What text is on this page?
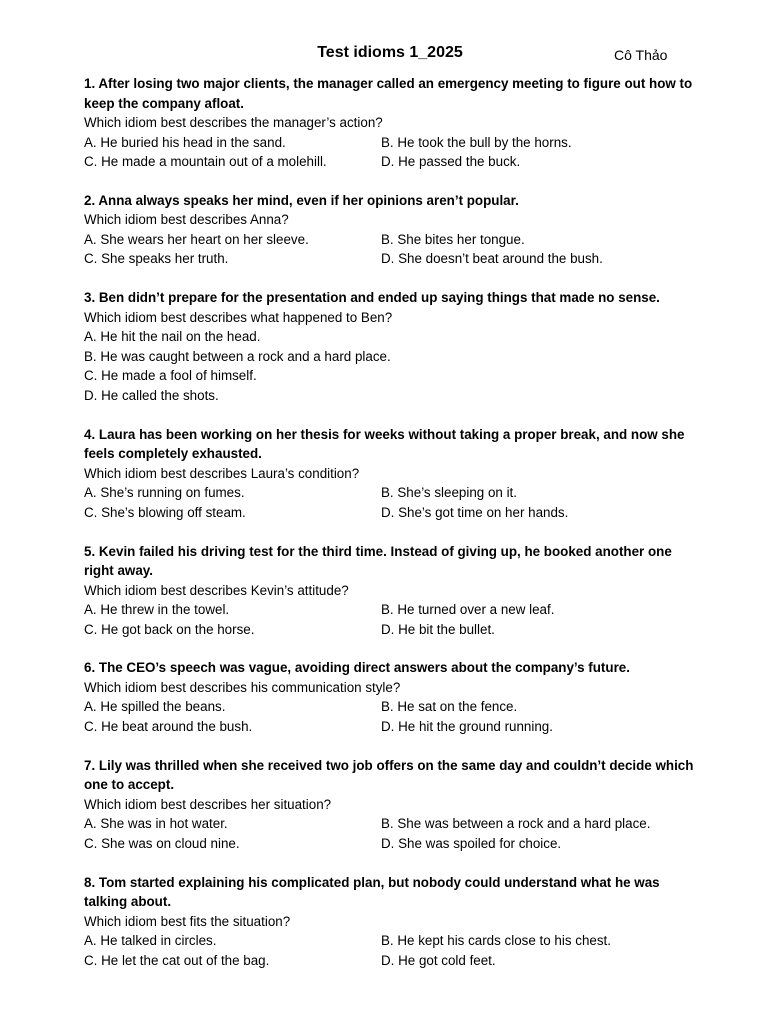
Test idioms 1_2025	Cô Thảo
1. After losing two major clients, the manager called an emergency meeting to figure out how to keep the company afloat.
Which idiom best describes the manager’s action?
A. He buried his head in the sand.	B. He took the bull by the horns.
C. He made a mountain out of a molehill.	D. He passed the buck.
2. Anna always speaks her mind, even if her opinions aren’t popular.
Which idiom best describes Anna?
A. She wears her heart on her sleeve.	B. She bites her tongue.
C. She speaks her truth.	D. She doesn’t beat around the bush.
3. Ben didn’t prepare for the presentation and ended up saying things that made no sense.
Which idiom best describes what happened to Ben?
A. He hit the nail on the head.
B. He was caught between a rock and a hard place.
C. He made a fool of himself.
D. He called the shots.
4. Laura has been working on her thesis for weeks without taking a proper break, and now she feels completely exhausted.
Which idiom best describes Laura’s condition?
A. She’s running on fumes.	B. She’s sleeping on it.
C. She’s blowing off steam.	D. She’s got time on her hands.
5. Kevin failed his driving test for the third time. Instead of giving up, he booked another one right away.
Which idiom best describes Kevin’s attitude?
A. He threw in the towel.	B. He turned over a new leaf.
C. He got back on the horse.	D. He bit the bullet.
6. The CEO’s speech was vague, avoiding direct answers about the company’s future.
Which idiom best describes his communication style?
A. He spilled the beans.	B. He sat on the fence.
C. He beat around the bush.	D. He hit the ground running.
7. Lily was thrilled when she received two job offers on the same day and couldn’t decide which one to accept.
Which idiom best describes her situation?
A. She was in hot water.	B. She was between a rock and a hard place.
C. She was on cloud nine.	D. She was spoiled for choice.
8. Tom started explaining his complicated plan, but nobody could understand what he was talking about.
Which idiom best fits the situation?
A. He talked in circles.	B. He kept his cards close to his chest.
C. He let the cat out of the bag.	D. He got cold feet.
